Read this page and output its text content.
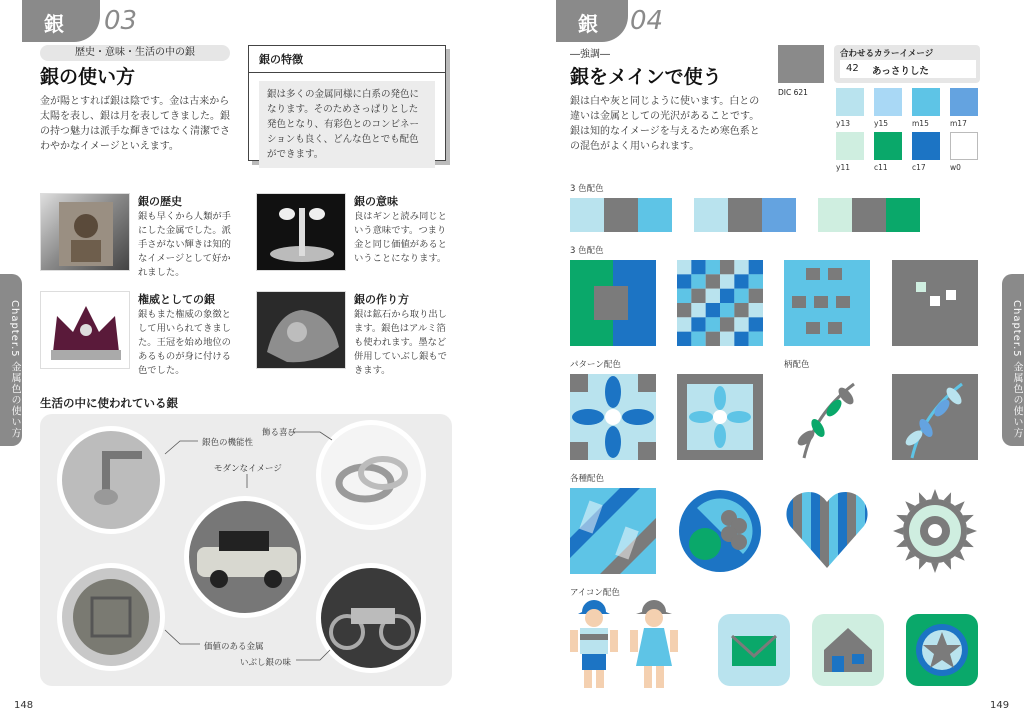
銀 03
歴史・意味・生活の中の銀
銀の使い方
金が陽とすれば銀は陰です。金は古来から太陽を表し、銀は月を表してきました。銀の持つ魅力は派手な輝きではなく清潔でさわやかなイメージといえます。
銀の特徴
銀は多くの金属同様に白系の発色になります。そのためさっぱりとした発色となり、有彩色とのコンビネーションも良く、どんな色とでも配色ができます。
銀の歴史
銀も早くから人類が手にした金属でした。派手さがない輝きは知的なイメージとして好かれました。
銀の意味
良はギンと読み同じという意味です。つまり金と同じ価値があるということになります。
権威としての銀
銀もまた権威の象徴として用いられてきました。王冠を始め地位のあるものが身に付ける色でした。
銀の作り方
銀は鉱石から取り出します。銀色はアルミ箔も使われます。墨など併用していぶし銀もできます。
生活の中に使われている銀
銀色の機能性
飾る喜び
モダンなイメージ
価値のある金属
いぶし銀の味
Chapter.5 金属色の使い方
148
銀 04
―強調―
銀をメインで使う
銀は白や灰と同じように使います。白との違いは金属としての光沢があることです。銀は知的なイメージを与えるため寒色系との混色がよく用いられます。
DIC 621
合わせるカラーイメージ
42 あっさりした
y13	y15	m15	m17
y11	c11	c17	w0
3 色配色
3 色配色
パターン配色	柄配色
各種配色
アイコン配色
Chapter.5 金属色の使い方
149
